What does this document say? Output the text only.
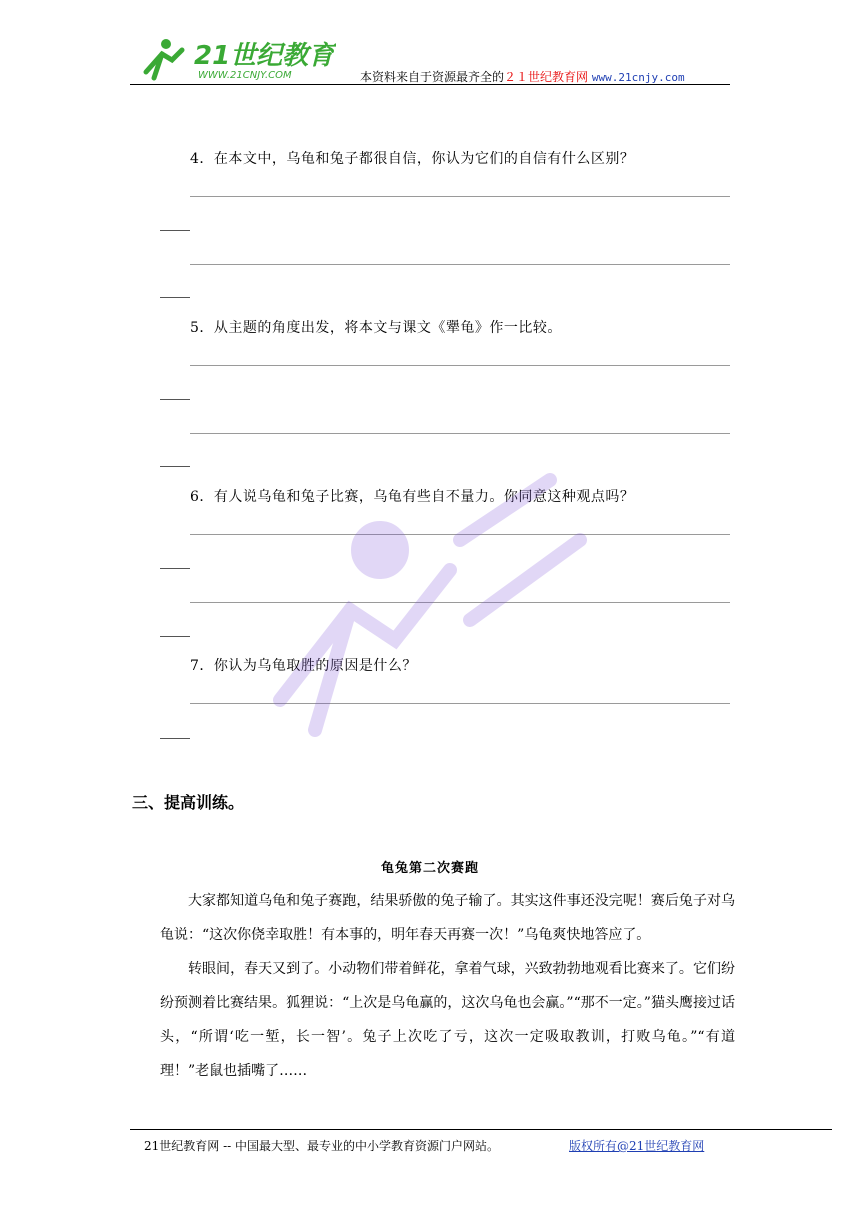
21世纪教育
WWW.21CNJY.COM	本资料来自于资源最齐全的２１世纪教育网 www.21cnjy.com
4．在本文中，乌龟和兔子都很自信，你认为它们的自信有什么区别？
5．从主题的角度出发，将本文与课文《犟龟》作一比较。
6．有人说乌龟和兔子比赛，乌龟有些自不量力。你同意这种观点吗？
7．你认为乌龟取胜的原因是什么？
三、提高训练。
龟兔第二次赛跑

大家都知道乌龟和兔子赛跑，结果骄傲的兔子输了。其实这件事还没完呢！赛后兔子对乌龟说：“这次你侥幸取胜！有本事的，明年春天再赛一次！”乌龟爽快地答应了。

转眼间，春天又到了。小动物们带着鲜花，拿着气球，兴致勃勃地观看比赛来了。它们纷纷预测着比赛结果。狐狸说：“上次是乌龟赢的，这次乌龟也会赢。”“那不一定。”猫头鹰接过话头，“所谓‘吃一堑，长一智’。兔子上次吃了亏，这次一定吸取教训，打败乌龟。”“有道理！”老鼠也插嘴了……

21世纪教育网 -- 中国最大型、最专业的中小学教育资源门户网站。	版权所有@21世纪教育网
